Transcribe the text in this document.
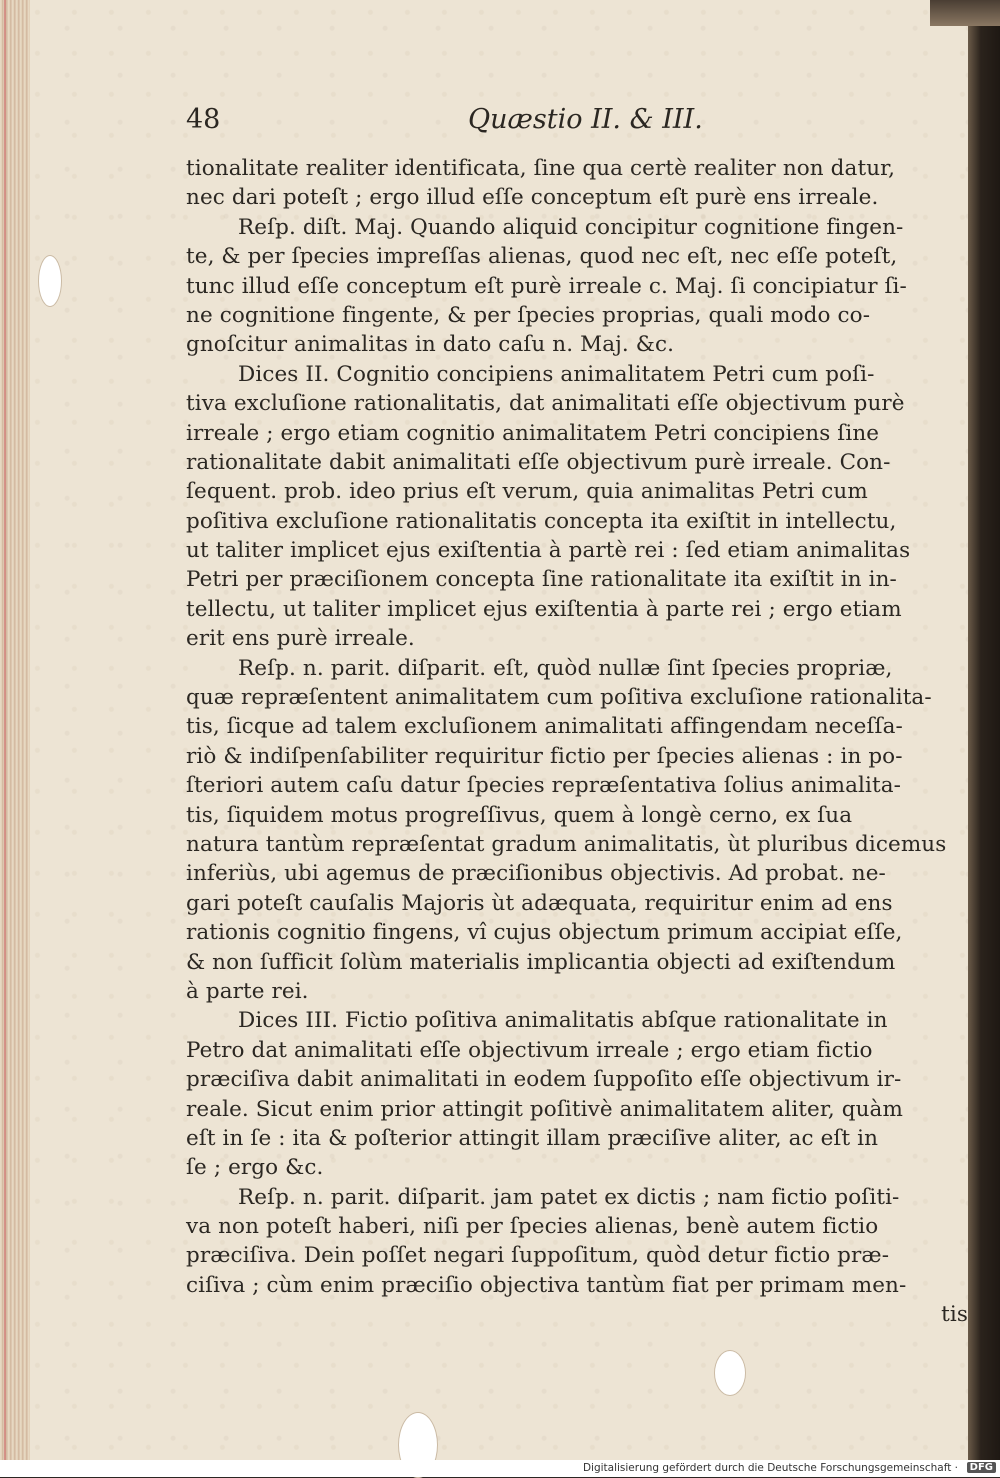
48	Quæstio II. & III.
tionalitate realiter identificata, ſine qua certè realiter non datur,
nec dari poteſt ; ergo illud eſſe conceptum eſt purè ens irreale.
Reſp. diſt. Maj. Quando aliquid concipitur cognitione fingen-
te, & per ſpecies impreſſas alienas, quod nec eſt, nec eſſe poteſt,
tunc illud eſſe conceptum eſt purè irreale c. Maj. ſi concipiatur ſi-
ne cognitione fingente, & per ſpecies proprias, quali modo co-
gnoſcitur animalitas in dato caſu n. Maj. &c.
Dices II. Cognitio concipiens animalitatem Petri cum poſi-
tiva excluſione rationalitatis, dat animalitati eſſe objectivum purè
irreale ; ergo etiam cognitio animalitatem Petri concipiens ſine
rationalitate dabit animalitati eſſe objectivum purè irreale. Con-
ſequent. prob. ideo prius eſt verum, quia animalitas Petri cum
poſitiva excluſione rationalitatis concepta ita exiſtit in intellectu,
ut taliter implicet ejus exiſtentia à partè rei : ſed etiam animalitas
Petri per præciſionem concepta ſine rationalitate ita exiſtit in in-
tellectu, ut taliter implicet ejus exiſtentia à parte rei ; ergo etiam
erit ens purè irreale.
Reſp. n. parit. diſparit. eſt, quòd nullæ ſint ſpecies propriæ,
quæ repræſentent animalitatem cum poſitiva excluſione rationalita-
tis, ſicque ad talem excluſionem animalitati affingendam neceſſa-
riò & indiſpenſabiliter requiritur fictio per ſpecies alienas : in po-
ſteriori autem caſu datur ſpecies repræſentativa ſolius animalita-
tis, ſiquidem motus progreſſivus, quem à longè cerno, ex ſua
natura tantùm repræſentat gradum animalitatis, ùt pluribus dicemus
inferiùs, ubi agemus de præciſionibus objectivis. Ad probat. ne-
gari poteſt cauſalis Majoris ùt adæquata, requiritur enim ad ens
rationis cognitio fingens, vî cujus objectum primum accipiat eſſe,
& non ſufficit ſolùm materialis implicantia objecti ad exiſtendum
à parte rei.
Dices III. Fictio poſitiva animalitatis abſque rationalitate in
Petro dat animalitati eſſe objectivum irreale ; ergo etiam fictio
præciſiva dabit animalitati in eodem ſuppoſito eſſe objectivum ir-
reale. Sicut enim prior attingit poſitivè animalitatem aliter, quàm
eſt in ſe : ita & poſterior attingit illam præciſive aliter, ac eſt in
ſe ; ergo &c.
Reſp. n. parit. diſparit. jam patet ex dictis ; nam fictio poſiti-
va non poteſt haberi, niſi per ſpecies alienas, benè autem fictio
præciſiva. Dein poſſet negari ſuppoſitum, quòd detur fictio præ-
ciſiva ; cùm enim præciſio objectiva tantùm fiat per primam men-
tis
Digitalisierung gefördert durch die Deutsche Forschungsgemeinschaft ·	DFG
